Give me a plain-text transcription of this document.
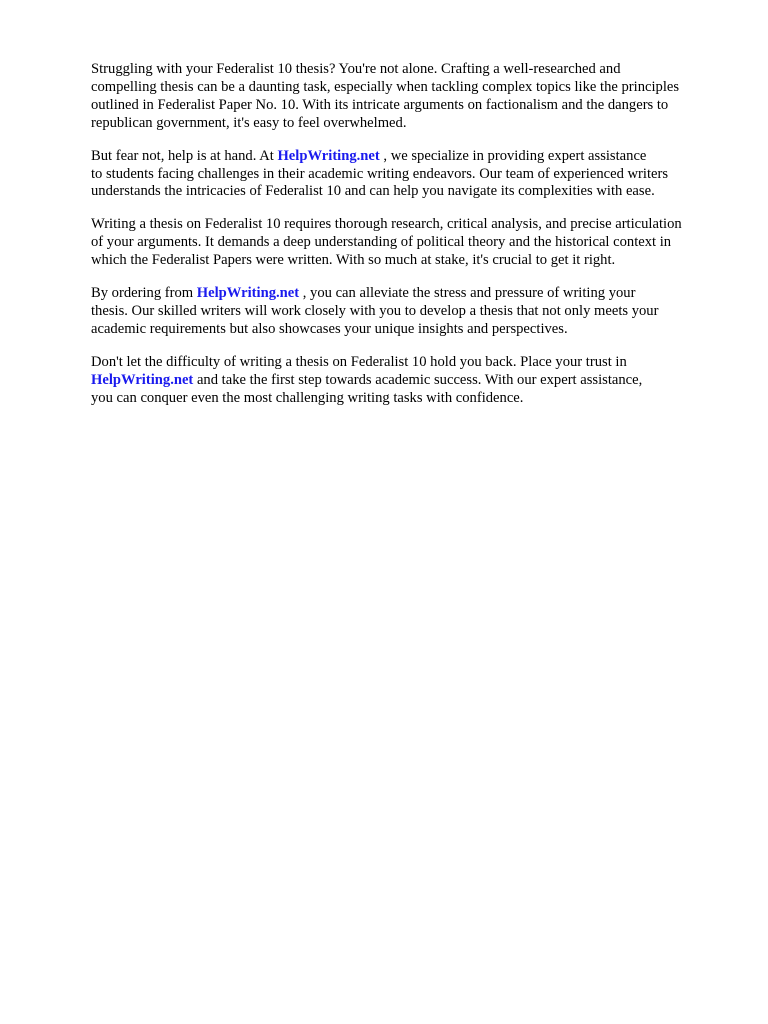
Struggling with your Federalist 10 thesis? You're not alone. Crafting a well-researched and
compelling thesis can be a daunting task, especially when tackling complex topics like the principles
outlined in Federalist Paper No. 10. With its intricate arguments on factionalism and the dangers to
republican government, it's easy to feel overwhelmed.

But fear not, help is at hand. At HelpWriting.net , we specialize in providing expert assistance
to students facing challenges in their academic writing endeavors. Our team of experienced writers
understands the intricacies of Federalist 10 and can help you navigate its complexities with ease.

Writing a thesis on Federalist 10 requires thorough research, critical analysis, and precise articulation
of your arguments. It demands a deep understanding of political theory and the historical context in
which the Federalist Papers were written. With so much at stake, it's crucial to get it right.

By ordering from HelpWriting.net , you can alleviate the stress and pressure of writing your
thesis. Our skilled writers will work closely with you to develop a thesis that not only meets your
academic requirements but also showcases your unique insights and perspectives.

Don't let the difficulty of writing a thesis on Federalist 10 hold you back. Place your trust in
HelpWriting.net and take the first step towards academic success. With our expert assistance,
you can conquer even the most challenging writing tasks with confidence.
